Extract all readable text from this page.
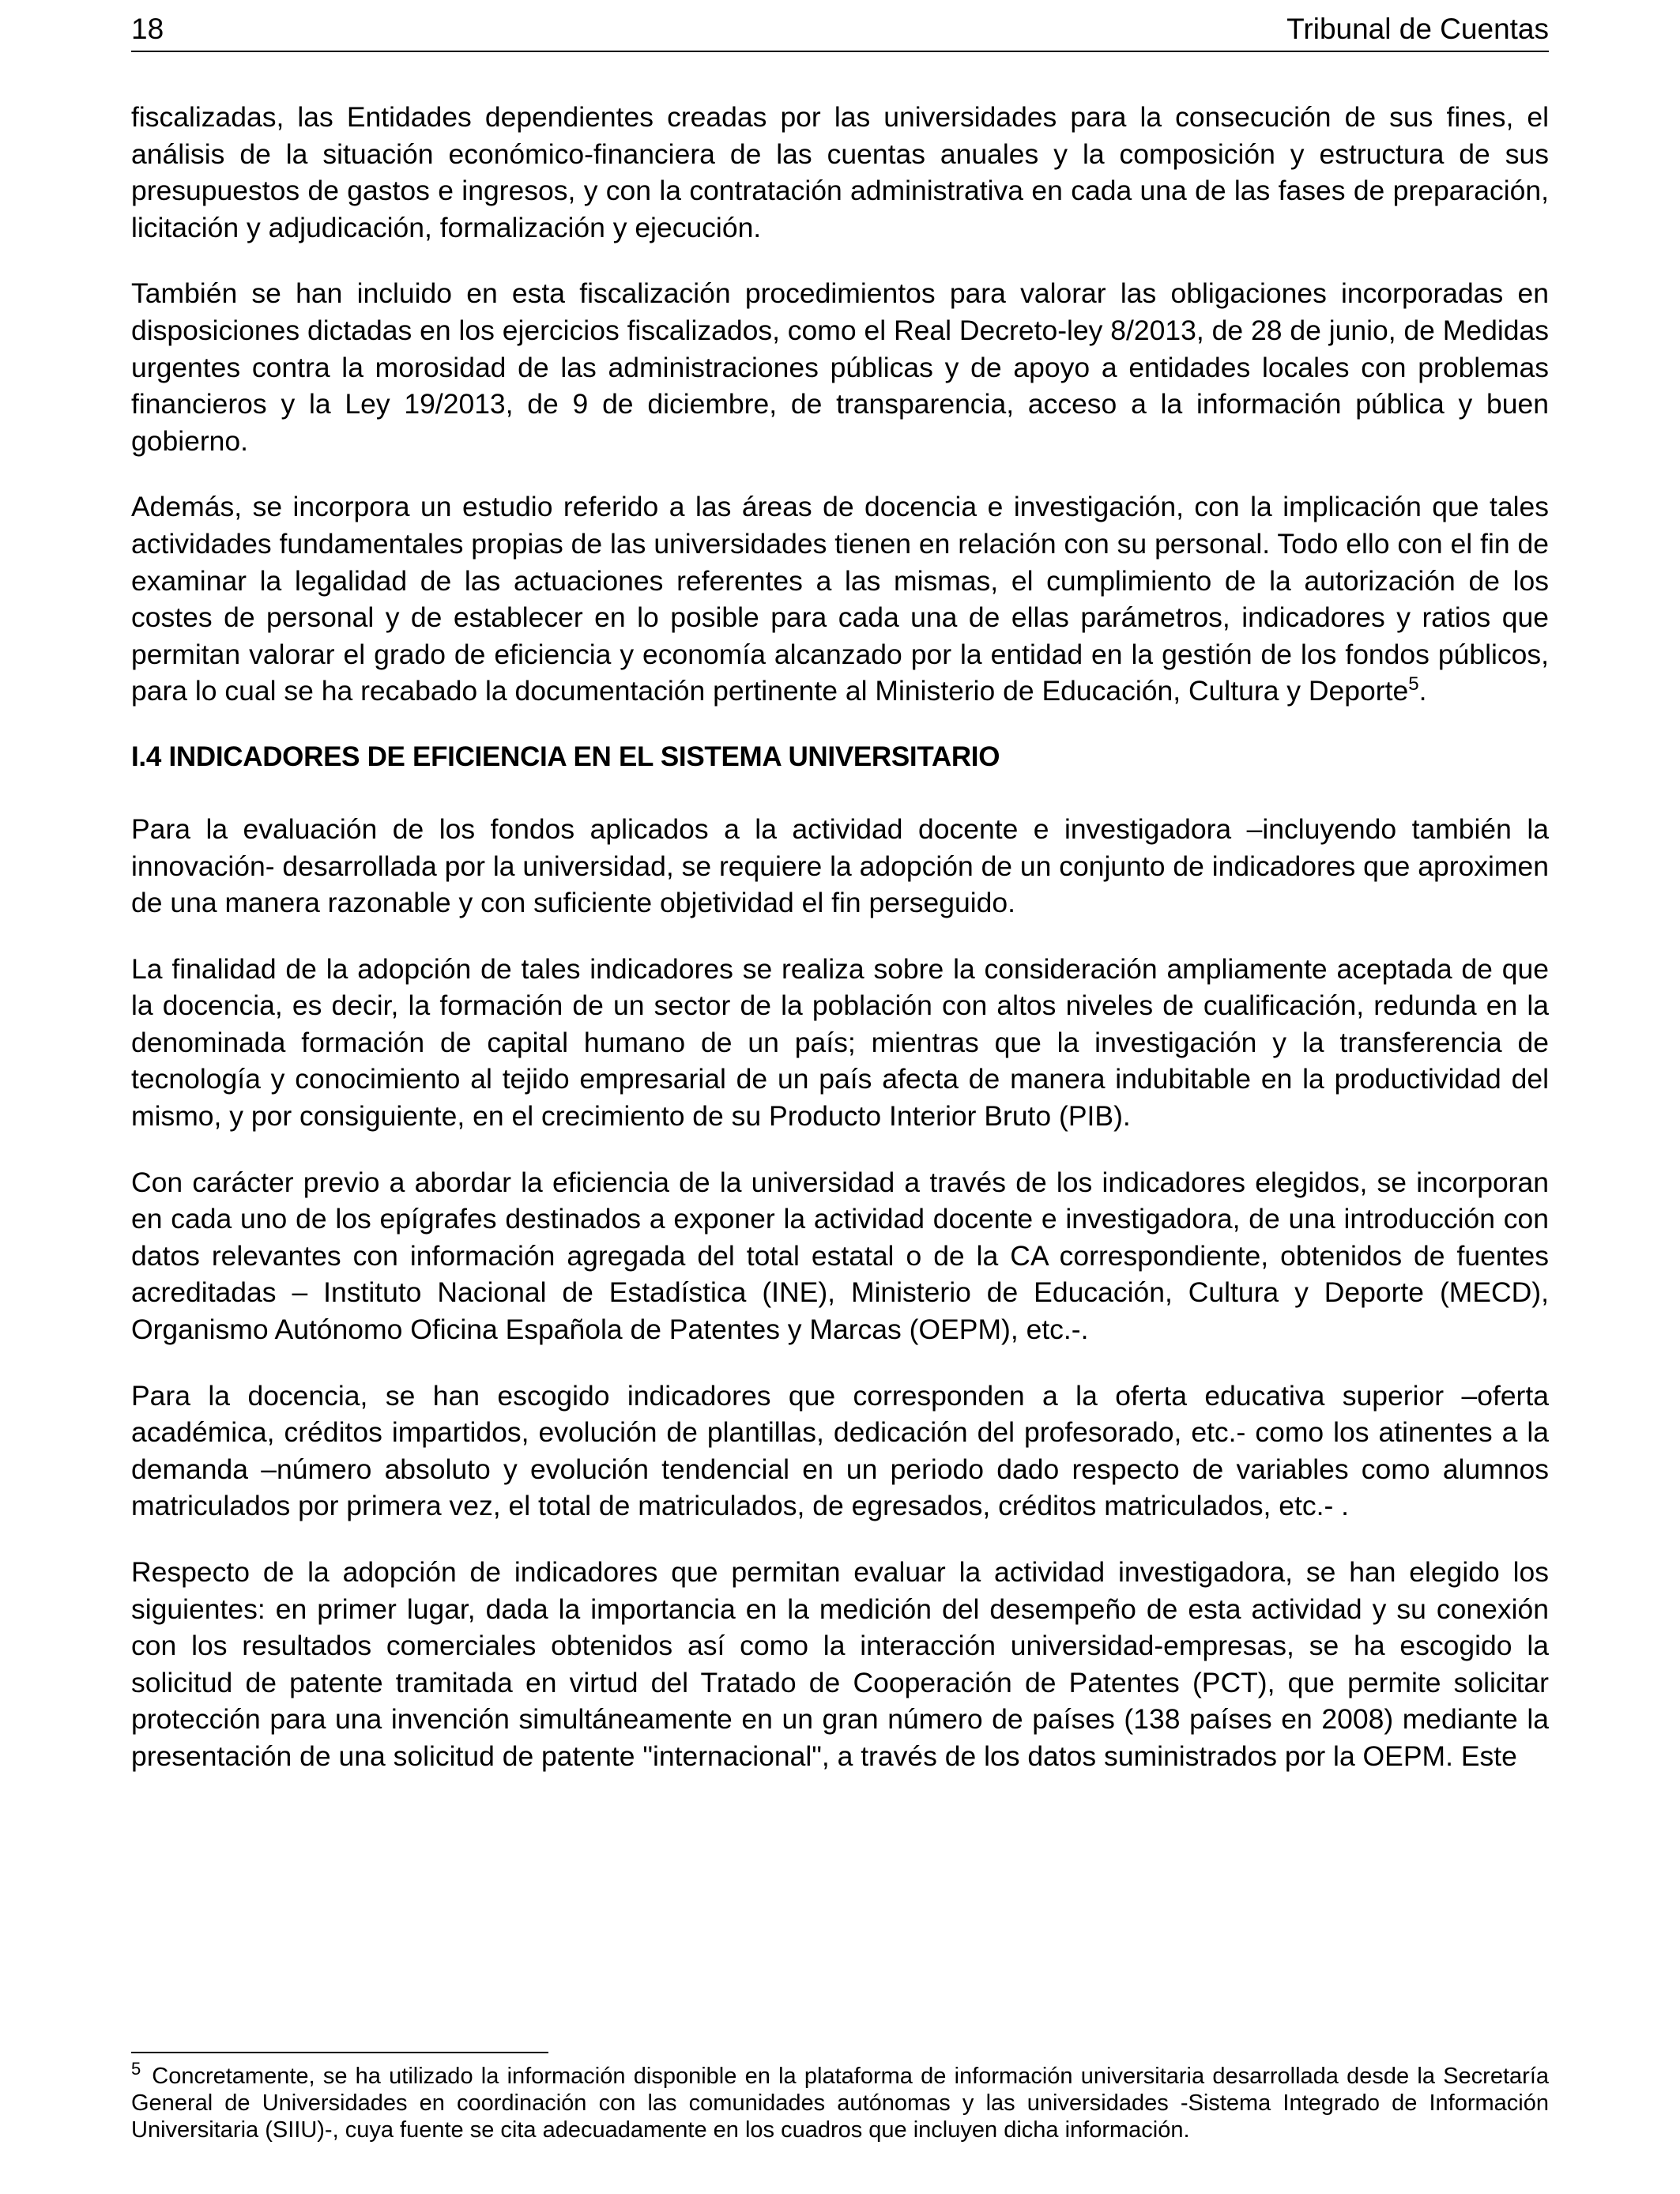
18	Tribunal de Cuentas

fiscalizadas, las Entidades dependientes creadas por las universidades para la consecución de sus fines, el análisis de la situación económico-financiera de las cuentas anuales y la composición y estructura de sus presupuestos de gastos e ingresos, y con la contratación administrativa en cada una de las fases de preparación, licitación y adjudicación, formalización y ejecución.

También se han incluido en esta fiscalización procedimientos para valorar las obligaciones incorporadas en disposiciones dictadas en los ejercicios fiscalizados, como el Real Decreto-ley 8/2013, de 28 de junio, de Medidas urgentes contra la morosidad de las administraciones públicas y de apoyo a entidades locales con problemas financieros y la Ley 19/2013, de 9 de diciembre, de transparencia, acceso a la información pública y buen gobierno.

Además, se incorpora un estudio referido a las áreas de docencia e investigación, con la implicación que tales actividades fundamentales propias de las universidades tienen en relación con su personal. Todo ello con el fin de examinar la legalidad de las actuaciones referentes a las mismas, el cumplimiento de la autorización de los costes de personal y de establecer en lo posible para cada una de ellas parámetros, indicadores y ratios que permitan valorar el grado de eficiencia y economía alcanzado por la entidad en la gestión de los fondos públicos, para lo cual se ha recabado la documentación pertinente al Ministerio de Educación, Cultura y Deporte$^5$.

I.4 INDICADORES DE EFICIENCIA EN EL SISTEMA UNIVERSITARIO

Para la evaluación de los fondos aplicados a la actividad docente e investigadora –incluyendo también la innovación- desarrollada por la universidad, se requiere la adopción de un conjunto de indicadores que aproximen de una manera razonable y con suficiente objetividad el fin perseguido.

La finalidad de la adopción de tales indicadores se realiza sobre la consideración ampliamente aceptada de que la docencia, es decir, la formación de un sector de la población con altos niveles de cualificación, redunda en la denominada formación de capital humano de un país; mientras que la investigación y la transferencia de tecnología y conocimiento al tejido empresarial de un país afecta de manera indubitable en la productividad del mismo, y por consiguiente, en el crecimiento de su Producto Interior Bruto (PIB).

Con carácter previo a abordar la eficiencia de la universidad a través de los indicadores elegidos, se incorporan en cada uno de los epígrafes destinados a exponer la actividad docente e investigadora, de una introducción con datos relevantes con información agregada del total estatal o de la CA correspondiente, obtenidos de fuentes acreditadas – Instituto Nacional de Estadística (INE), Ministerio de Educación, Cultura y Deporte (MECD), Organismo Autónomo Oficina Española de Patentes y Marcas (OEPM), etc.-.

Para la docencia, se han escogido indicadores que corresponden a la oferta educativa superior –oferta académica, créditos impartidos, evolución de plantillas, dedicación del profesorado, etc.- como los atinentes a la demanda –número absoluto y evolución tendencial en un periodo dado respecto de variables como alumnos matriculados por primera vez, el total de matriculados, de egresados, créditos matriculados, etc.- .

Respecto de la adopción de indicadores que permitan evaluar la actividad investigadora, se han elegido los siguientes: en primer lugar, dada la importancia en la medición del desempeño de esta actividad y su conexión con los resultados comerciales obtenidos así como la interacción universidad-empresas, se ha escogido la solicitud de patente tramitada en virtud del Tratado de Cooperación de Patentes (PCT), que permite solicitar protección para una invención simultáneamente en un gran número de países (138 países en 2008) mediante la presentación de una solicitud de patente "internacional", a través de los datos suministrados por la OEPM. Este

$^5$ Concretamente, se ha utilizado la información disponible en la plataforma de información universitaria desarrollada desde la Secretaría General de Universidades en coordinación con las comunidades autónomas y las universidades -Sistema Integrado de Información Universitaria (SIIU)-, cuya fuente se cita adecuadamente en los cuadros que incluyen dicha información.
